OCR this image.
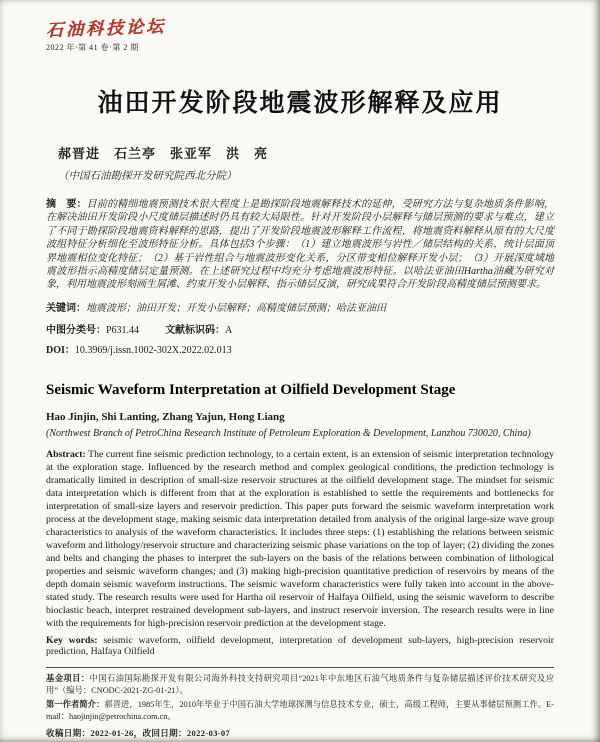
石油科技论坛
2022 年·第 41 卷·第 2 期
油田开发阶段地震波形解释及应用
郝晋进　石兰亭　张亚军　洪　亮
（中国石油勘探开发研究院西北分院）
摘　要：目前的精细地震预测技术很大程度上是勘探阶段地震解释技术的延伸，受研究方法与复杂地质条件影响，在解决油田开发阶段小尺度储层描述时仍具有较大局限性。针对开发阶段小层解释与储层预测的要求与难点，建立了不同于勘探阶段地震资料解释的思路，提出了开发阶段地震波形解释工作流程，将地震资料解释从原有的大尺度波组特征分析细化至波形特征分析。具体包括3个步骤：（1）建立地震波形与岩性／储层结构的关系，统计层面顶界地震相位变化特征；（2）基于岩性组合与地震波形变化关系，分区带变相位解释开发小层；（3）开展深度域地震波形指示高精度储层定量预测。在上述研究过程中均充分考虑地震波形特征。以哈法亚油田Hartha油藏为研究对象，利用地震波形刻画生屑滩、约束开发小层解释、指示储层反演，研究成果符合开发阶段高精度储层预测要求。
关键词：地震波形；油田开发；开发小层解释；高精度储层预测；哈法亚油田
中图分类号：P631.44	文献标识码：A
DOI：10.3969/j.issn.1002-302X.2022.02.013
Seismic Waveform Interpretation at Oilfield Development Stage
Hao Jinjin, Shi Lanting, Zhang Yajun, Hong Liang
(Northwest Branch of PetroChina Research Institute of Petroleum Exploration & Development, Lanzhou 730020, China)
Abstract: The current fine seismic prediction technology, to a certain extent, is an extension of seismic interpretation technology at the exploration stage. Influenced by the research method and complex geological conditions, the prediction technology is dramatically limited in description of small-size reservoir structures at the oilfield development stage. The mindset for seismic data interpretation which is different from that at the exploration is established to settle the requirements and bottlenecks for interpretation of small-size layers and reservoir prediction. This paper puts forward the seismic waveform interpretation work process at the development stage, making seismic data interpretation detailed from analysis of the original large-size wave group characteristics to analysis of the waveform characteristics. It includes three steps: (1) establishing the relations between seismic waveform and lithology/reservoir structure and characterizing seismic phase variations on the top of layer; (2) dividing the zones and belts and changing the phases to interpret the sub-layers on the basis of the relations between combination of lithological properties and seismic waveform changes; and (3) making high-precision quantitative prediction of reservoirs by means of the depth domain seismic waveform instructions. The seismic waveform characteristics were fully taken into account in the above-stated study. The research results were used for Hartha oil reservoir of Halfaya Oilfield, using the seismic waveform to describe bioclastic beach, interpret restrained development sub-layers, and instruct reservoir inversion. The research results were in line with the requirements for high-precision reservoir prediction at the development stage.
Key words: seismic waveform, oilfield development, interpretation of development sub-layers, high-precision reservoir prediction, Halfaya Oilfield
基金项目：中国石油国际勘探开发有限公司海外科技支持研究项目“2021年中东地区石油气地质条件与复杂储层描述评价技术研究及应用”（编号：CNODC-2021-ZG-01-21）。
第一作者简介：郝晋进，1985年生，2010年毕业于中国石油大学地球探测与信息技术专业，硕士，高级工程师，主要从事储层预测工作。E-mail：haojinjin@petrochina.com.cn。
收稿日期：2022-01-26，改回日期：2022-03-07
